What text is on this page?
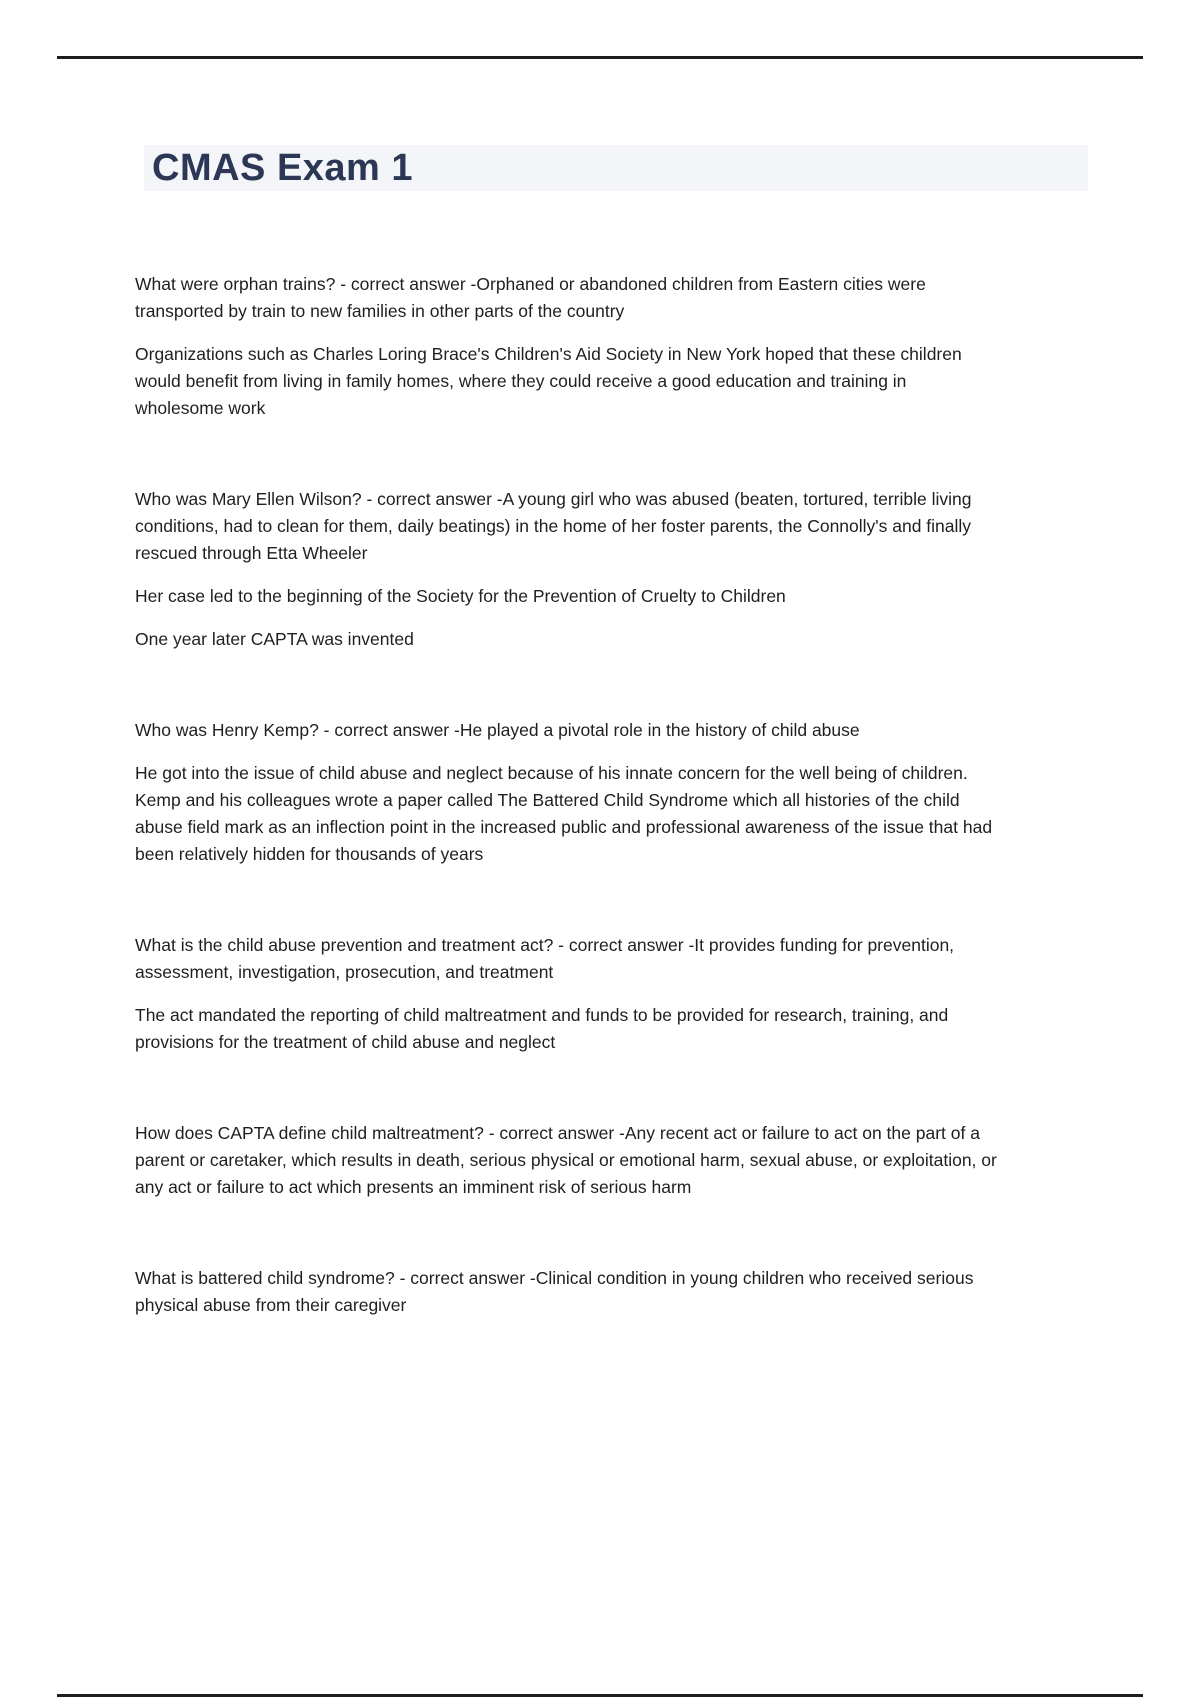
CMAS Exam 1

What were orphan trains? - correct answer -Orphaned or abandoned children from Eastern cities were transported by train to new families in other parts of the country

Organizations such as Charles Loring Brace's Children's Aid Society in New York hoped that these children would benefit from living in family homes, where they could receive a good education and training in wholesome work

Who was Mary Ellen Wilson? - correct answer -A young girl who was abused (beaten, tortured, terrible living conditions, had to clean for them, daily beatings) in the home of her foster parents, the Connolly's and finally rescued through Etta Wheeler

Her case led to the beginning of the Society for the Prevention of Cruelty to Children

One year later CAPTA was invented

Who was Henry Kemp? - correct answer -He played a pivotal role in the history of child abuse

He got into the issue of child abuse and neglect because of his innate concern for the well being of children. Kemp and his colleagues wrote a paper called The Battered Child Syndrome which all histories of the child abuse field mark as an inflection point in the increased public and professional awareness of the issue that had been relatively hidden for thousands of years

What is the child abuse prevention and treatment act? - correct answer -It provides funding for prevention, assessment, investigation, prosecution, and treatment

The act mandated the reporting of child maltreatment and funds to be provided for research, training, and provisions for the treatment of child abuse and neglect

How does CAPTA define child maltreatment? - correct answer -Any recent act or failure to act on the part of a parent or caretaker, which results in death, serious physical or emotional harm, sexual abuse, or exploitation, or any act or failure to act which presents an imminent risk of serious harm

What is battered child syndrome? - correct answer -Clinical condition in young children who received serious physical abuse from their caregiver
